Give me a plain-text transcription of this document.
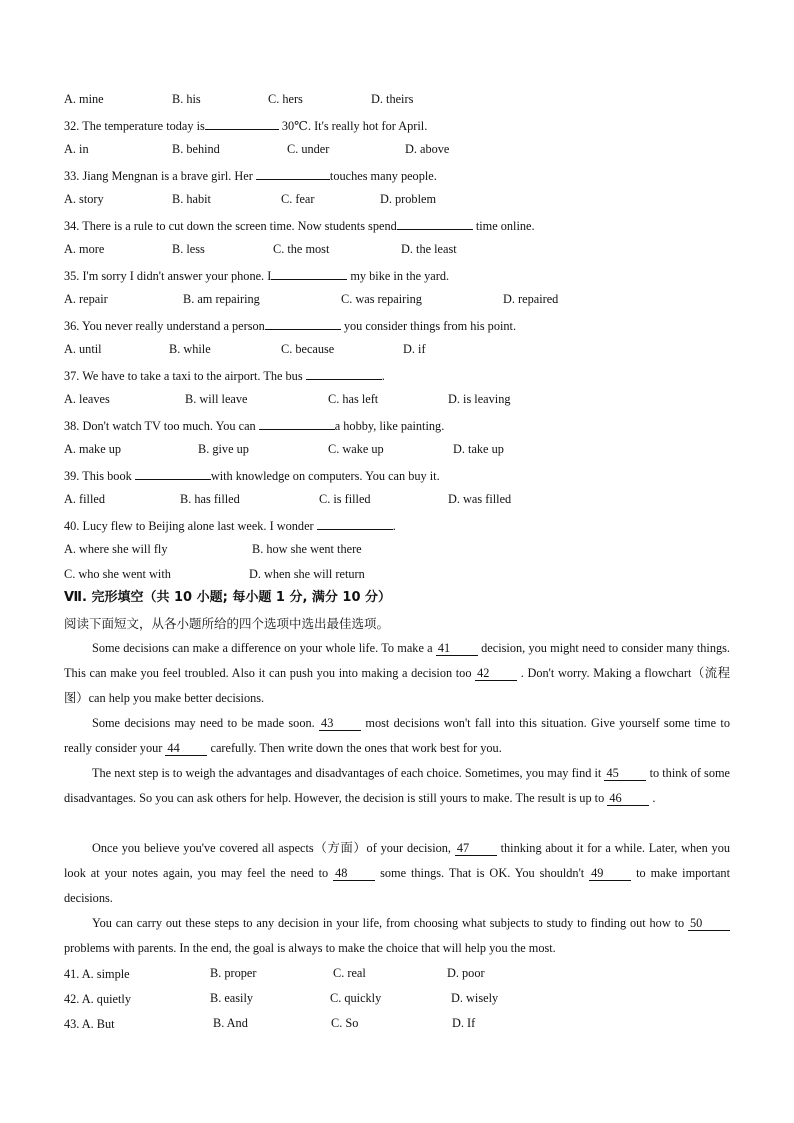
A. mine	B. his	C. hers	D. theirs
32. The temperature today is	30℃. It's really hot for April.
A. in	B. behind	C. under	D. above
33. Jiang Mengnan is a brave girl. Her	touches many people.
A. story	B. habit	C. fear	D. problem
34. There is a rule to cut down the screen time. Now students spend	time online.
A. more	B. less	C. the most	D. the least
35. I'm sorry I didn't answer your phone. I	my bike in the yard.
A. repair	B. am repairing	C. was repairing	D. repaired
36. You never really understand a person	you consider things from his point.
A. until	B. while	C. because	D. if
37. We have to take a taxi to the airport. The bus	.
A. leaves	B. will leave	C. has left	D. is leaving
38. Don't watch TV too much. You can	a hobby, like painting.
A. make up	B. give up	C. wake up	D. take up
39. This book	with knowledge on computers. You can buy it.
A. filled	B. has filled	C. is filled	D. was filled
40. Lucy flew to Beijing alone last week. I wonder	.
A. where she will fly	B. how she went there
C. who she went with	D. when she will return
Ⅶ. 完形填空（共 10 小题; 每小题 1 分, 满分 10 分）
阅读下面短文，从各小题所给的四个选项中选出最佳选项。
Some decisions can make a difference on your whole life. To make a 41 decision, you might need to consider many things. This can make you feel troubled. Also it can push you into making a decision too 42 . Don't worry. Making a flowchart（流程图）can help you make better decisions.
Some decisions may need to be made soon. 43 most decisions won't fall into this situation. Give yourself some time to really consider your 44 carefully. Then write down the ones that work best for you.
The next step is to weigh the advantages and disadvantages of each choice. Sometimes, you may find it 45 to think of some disadvantages. So you can ask others for help. However, the decision is still yours to make. The result is up to 46 .
Once you believe you've covered all aspects（方面）of your decision, 47 thinking about it for a while. Later, when you look at your notes again, you may feel the need to 48 some things. That is OK. You shouldn't 49 to make important decisions.
You can carry out these steps to any decision in your life, from choosing what subjects to study to finding out how to 50 problems with parents. In the end, the goal is always to make the choice that will help you the most.
41. A. simple	B. proper	C. real	D. poor
42. A. quietly	B. easily	C. quickly	D. wisely
43. A. But	B. And	C. So	D. If
